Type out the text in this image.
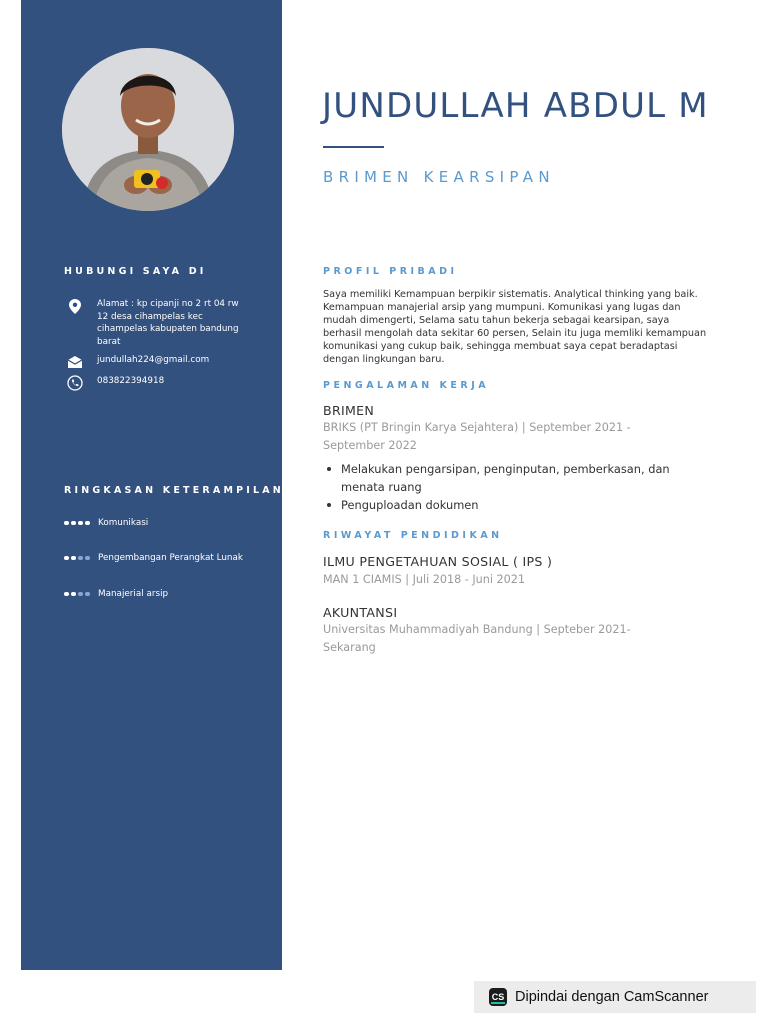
HUBUNGI SAYA DI
Alamat : kp cipanji no 2 rt 04 rw 12 desa cihampelas kec cihampelas kabupaten bandung barat
jundullah224@gmail.com
083822394918
RINGKASAN KETERAMPILAN
Komunikasi
Pengembangan Perangkat Lunak
Manajerial arsip
JUNDULLAH ABDUL M
BRIMEN KEARSIPAN
PROFIL PRIBADI

Saya memiliki Kemampuan berpikir sistematis. Analytical thinking yang baik. Kemampuan manajerial arsip yang mumpuni. Komunikasi yang lugas dan mudah dimengerti, Selama satu tahun bekerja sebagai kearsipan, saya berhasil mengolah data sekitar 60 persen, Selain itu juga memliki kemampuan komunikasi yang cukup baik, sehingga membuat saya cepat beradaptasi dengan lingkungan baru.

PENGALAMAN KERJA
BRIMEN
BRIKS (PT Bringin Karya Sejahtera) | September 2021 - September 2022
Melakukan pengarsipan, penginputan, pemberkasan, dan menata ruang
Penguploadan dokumen
RIWAYAT PENDIDIKAN
ILMU PENGETAHUAN SOSIAL ( IPS )
MAN 1 CIAMIS | Juli 2018 - Juni 2021
AKUNTANSI
Universitas Muhammadiyah Bandung | Septeber 2021-Sekarang
CS Dipindai dengan CamScanner
